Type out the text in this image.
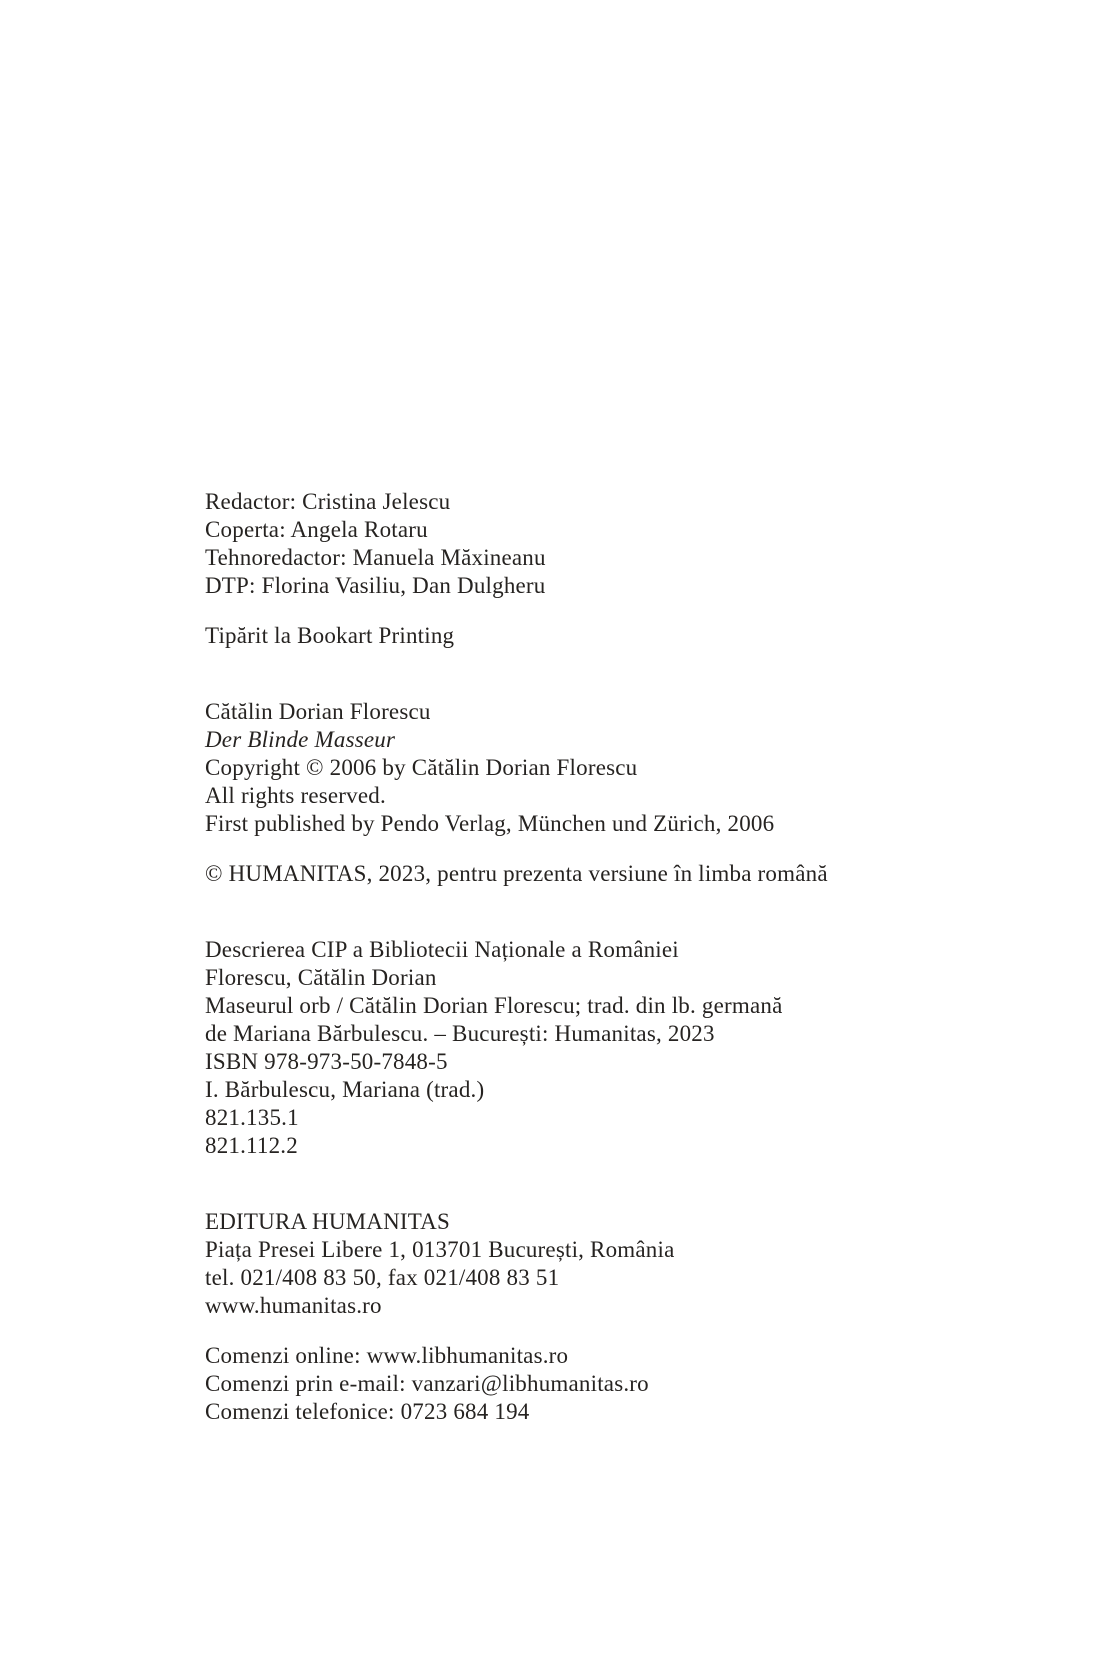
Redactor: Cristina Jelescu
Coperta: Angela Rotaru
Tehnoredactor: Manuela Măxineanu
DTP: Florina Vasiliu, Dan Dulgheru
Tipărit la Bookart Printing
Cătălin Dorian Florescu
Der Blinde Masseur
Copyright © 2006 by Cătălin Dorian Florescu
All rights reserved.
First published by Pendo Verlag, München und Zürich, 2006
© HUMANITAS, 2023, pentru prezenta versiune în limba română
Descrierea CIP a Bibliotecii Naționale a României
Florescu, Cătălin Dorian
Maseurul orb / Cătălin Dorian Florescu; trad. din lb. germană
de Mariana Bărbulescu. – București: Humanitas, 2023
ISBN 978-973-50-7848-5
I. Bărbulescu, Mariana (trad.)
821.135.1
821.112.2
EDITURA HUMANITAS
Piața Presei Libere 1, 013701 București, România
tel. 021/408 83 50, fax 021/408 83 51
www.humanitas.ro
Comenzi online: www.libhumanitas.ro
Comenzi prin e-mail: vanzari@libhumanitas.ro
Comenzi telefonice: 0723 684 194
